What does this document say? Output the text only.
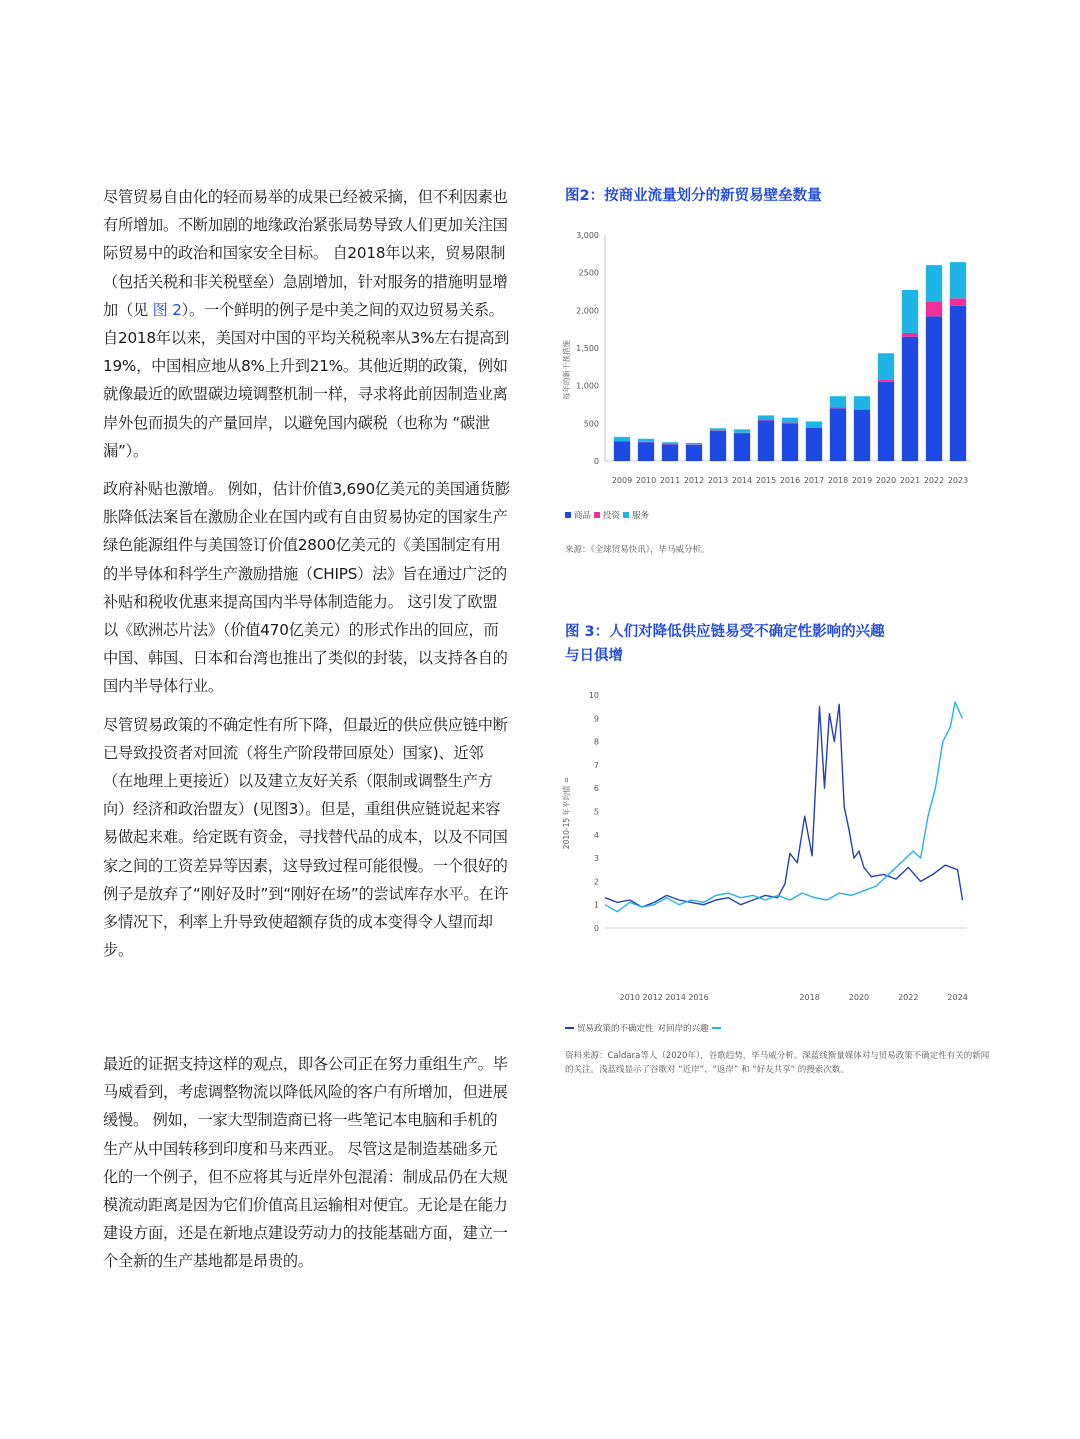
尽管贸易自由化的轻而易举的成果已经被采摘，但不利因素也有所增加。不断加剧的地缘政治紧张局势导致人们更加关注国际贸易中的政治和国家安全目标。 自2018年以来，贸易限制（包括关税和非关税壁垒）急剧增加，针对服务的措施明显增加（见 图 2）。一个鲜明的例子是中美之间的双边贸易关系。自2018年以来，美国对中国的平均关税税率从3%左右提高到19%，中国相应地从8%上升到21%。其他近期的政策，例如就像最近的欧盟碳边境调整机制一样，寻求将此前因制造业离岸外包而损失的产量回岸，以避免国内碳税（也称为 “碳泄漏”）。

政府补贴也激增。 例如，估计价值3,690亿美元的美国通货膨胀降低法案旨在激励企业在国内或有自由贸易协定的国家生产绿色能源组件与美国签订价值2800亿美元的《美国制定有用的半导体和科学生产激励措施（CHIPS）法》旨在通过广泛的补贴和税收优惠来提高国内半导体制造能力。 这引发了欧盟以《欧洲芯片法》（价值470亿美元）的形式作出的回应，而中国、韩国、日本和台湾也推出了类似的封装，以支持各自的国内半导体行业。

尽管贸易政策的不确定性有所下降，但最近的供应供应链中断已导致投资者对回流（将生产阶段带回原处）国家)、近邻（在地理上更接近）以及建立友好关系（限制或调整生产方向）经济和政治盟友）(见图3）。但是，重组供应链说起来容易做起来难。给定既有资金，寻找替代品的成本，以及不同国家之间的工资差异等因素，这导致过程可能很慢。一个很好的例子是放弃了“刚好及时”到“刚好在场”的尝试库存水平。在许多情况下，利率上升导致使超额存货的成本变得令人望而却步。

最近的证据支持这样的观点，即各公司正在努力重组生产。毕马威看到，考虑调整物流以降低风险的客户有所增加，但进展缓慢。 例如，一家大型制造商已将一些笔记本电脑和手机的生产从中国转移到印度和马来西亚。 尽管这是制造基础多元化的一个例子，但不应将其与近岸外包混淆：制成品仍在大规模流动距离是因为它们价值高且运输相对便宜。无论是在能力建设方面，还是在新地点建设劳动力的技能基础方面，建立一个全新的生产基地都是昂贵的。

图2：按商业流量划分的新贸易壁垒数量
0
500
1,000
1,500
2,000
2500
3,000
2009 2010 2011 2012 2013 2014 2015 2016 2017 2018 2019 2020 2021 2022 2023
每年的新干预措施
商品 投资 服务
来源：《全球贸易快讯》，毕马威分析。
图 3：人们对降低供应链易受不确定性影响的兴趣
与日俱增
0
1
2
3
4
5
6
7
8
9
10
2010 2012 2014 2016	2018	2020	2022	2024
2010-15 年平均值 =
贸易政策的不确定性 对回岸的兴趣
资料来源：Caldara等人（2020年），谷歌趋势，毕马威分析。深蓝线衡量媒体对与贸易政策不确定性有关的新闻的关注。浅蓝线显示了谷歌对 “近岸”、“返岸” 和 “好友共享” 的搜索次数。
